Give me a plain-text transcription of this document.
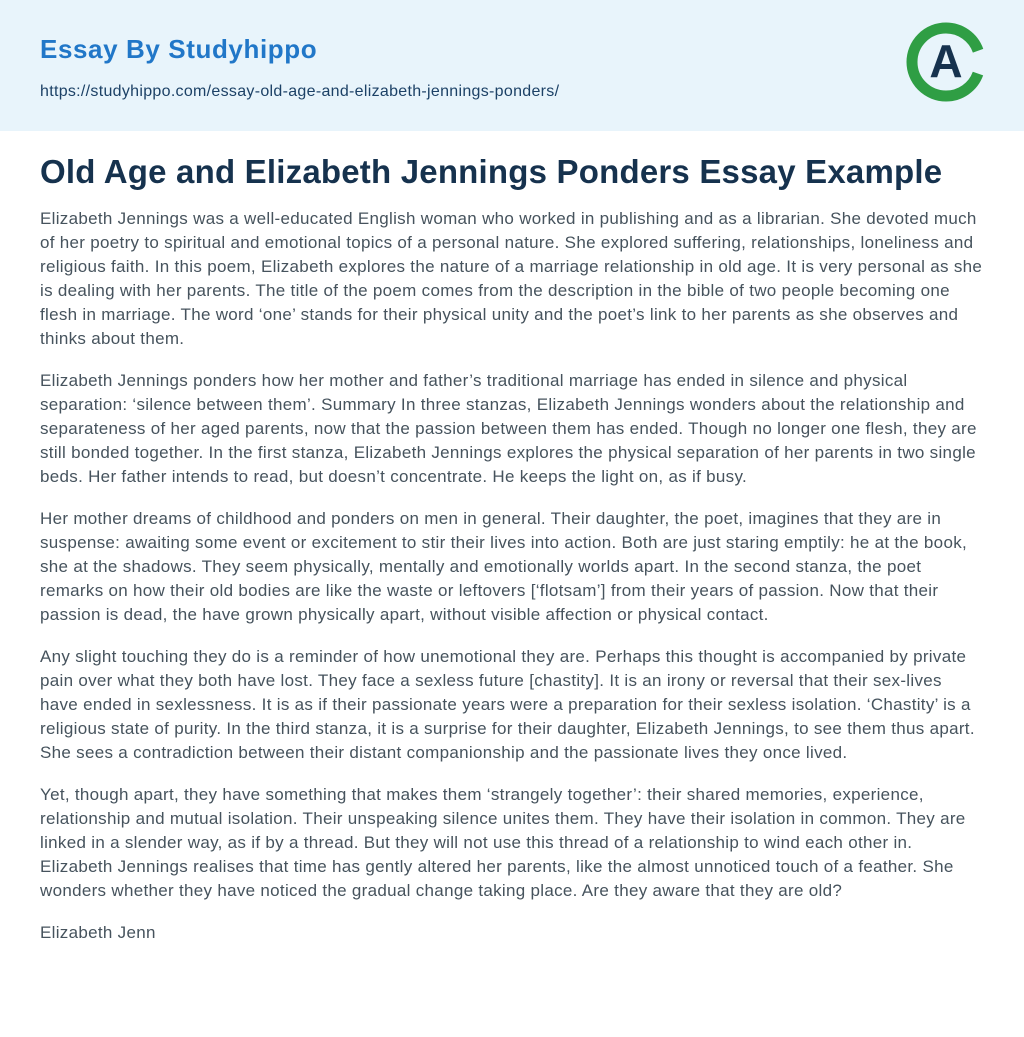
Essay By Studyhippo
https://studyhippo.com/essay-old-age-and-elizabeth-jennings-ponders/
A
Old Age and Elizabeth Jennings Ponders Essay Example

Elizabeth Jennings was a well-educated English woman who worked in publishing and as a librarian. She devoted much of her poetry to spiritual and emotional topics of a personal nature. She explored suffering, relationships, loneliness and religious faith. In this poem, Elizabeth explores the nature of a marriage relationship in old age. It is very personal as she is dealing with her parents. The title of the poem comes from the description in the bible of two people becoming one flesh in marriage. The word ‘one’ stands for their physical unity and the poet’s link to her parents as she observes and thinks about them.

Elizabeth Jennings ponders how her mother and father’s traditional marriage has ended in silence and physical separation: ‘silence between them’. Summary In three stanzas, Elizabeth Jennings wonders about the relationship and separateness of her aged parents, now that the passion between them has ended. Though no longer one flesh, they are still bonded together. In the first stanza, Elizabeth Jennings explores the physical separation of her parents in two single beds. Her father intends to read, but doesn’t concentrate. He keeps the light on, as if busy.

Her mother dreams of childhood and ponders on men in general. Their daughter, the poet, imagines that they are in suspense: awaiting some event or excitement to stir their lives into action. Both are just staring emptily: he at the book, she at the shadows. They seem physically, mentally and emotionally worlds apart. In the second stanza, the poet remarks on how their old bodies are like the waste or leftovers [‘flotsam’] from their years of passion. Now that their passion is dead, the have grown physically apart, without visible affection or physical contact.

Any slight touching they do is a reminder of how unemotional they are. Perhaps this thought is accompanied by private pain over what they both have lost. They face a sexless future [chastity]. It is an irony or reversal that their sex-lives have ended in sexlessness. It is as if their passionate years were a preparation for their sexless isolation. ‘Chastity’ is a religious state of purity. In the third stanza, it is a surprise for their daughter, Elizabeth Jennings, to see them thus apart. She sees a contradiction between their distant companionship and the passionate lives they once lived.

Yet, though apart, they have something that makes them ‘strangely together’: their shared memories, experience, relationship and mutual isolation. Their unspeaking silence unites them. They have their isolation in common. They are linked in a slender way, as if by a thread. But they will not use this thread of a relationship to wind each other in. Elizabeth Jennings realises that time has gently altered her parents, like the almost unnoticed touch of a feather. She wonders whether they have noticed the gradual change taking place. Are they aware that they are old?

Elizabeth Jenn
